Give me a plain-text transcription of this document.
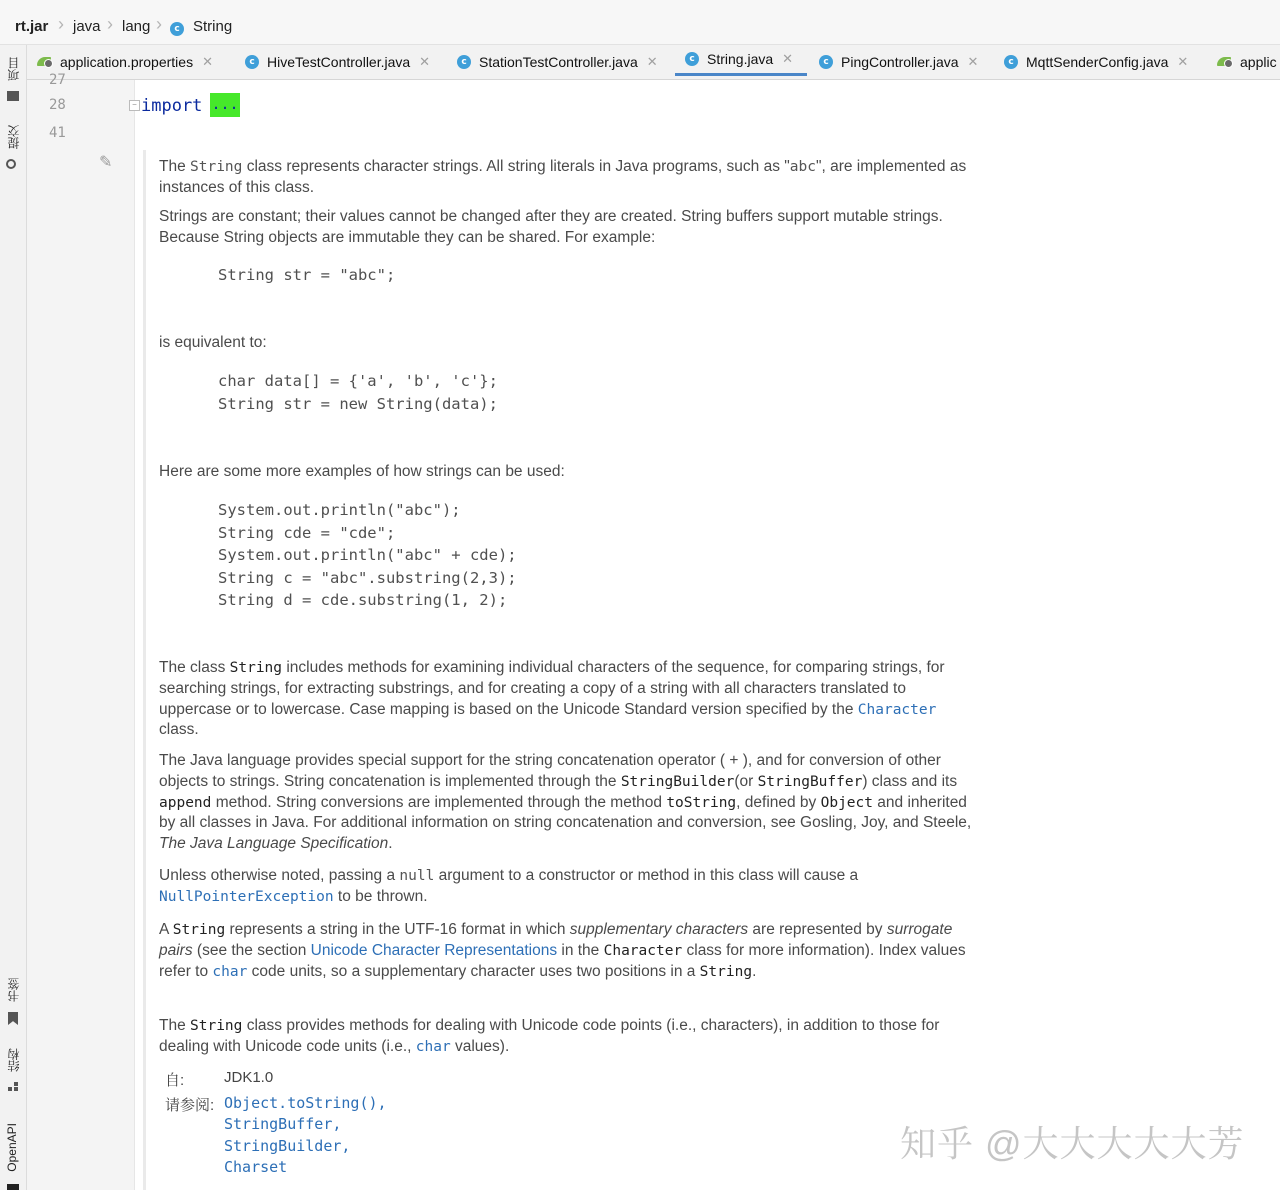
rt.jar › java › lang ›	c String
项目
提交
书签
结构
OpenAPI
application.properties ✕	c HiveTestController.java ✕	c StationTestController.java ✕	c String.java ✕	c PingController.java ✕	c MqttSenderConfig.java ✕	applic
27
28
41
✎
− import ...
The String class represents character strings. All string literals in Java programs, such as "abc", are implemented as instances of this class.
Strings are constant; their values cannot be changed after they are created. String buffers support mutable strings. Because String objects are immutable they can be shared. For example:
String str = "abc";
is equivalent to:
char data[] = {'a', 'b', 'c'};
String str = new String(data);
Here are some more examples of how strings can be used:
System.out.println("abc");
String cde = "cde";
System.out.println("abc" + cde);
String c = "abc".substring(2,3);
String d = cde.substring(1, 2);
The class String includes methods for examining individual characters of the sequence, for comparing strings, for searching strings, for extracting substrings, and for creating a copy of a string with all characters translated to uppercase or to lowercase. Case mapping is based on the Unicode Standard version specified by the Character class.
The Java language provides special support for the string concatenation operator ( + ), and for conversion of other objects to strings. String concatenation is implemented through the StringBuilder(or StringBuffer) class and its append method. String conversions are implemented through the method toString, defined by Object and inherited by all classes in Java. For additional information on string concatenation and conversion, see Gosling, Joy, and Steele, The Java Language Specification.
Unless otherwise noted, passing a null argument to a constructor or method in this class will cause a NullPointerException to be thrown.
A String represents a string in the UTF-16 format in which supplementary characters are represented by surrogate pairs (see the section Unicode Character Representations in the Character class for more information). Index values refer to char code units, so a supplementary character uses two positions in a String.
The String class provides methods for dealing with Unicode code points (i.e., characters), in addition to those for dealing with Unicode code units (i.e., char values).
自:	JDK1.0
请参阅: Object.toString(),
StringBuffer,
StringBuilder,
Charset
知乎 @大大大大大芳
